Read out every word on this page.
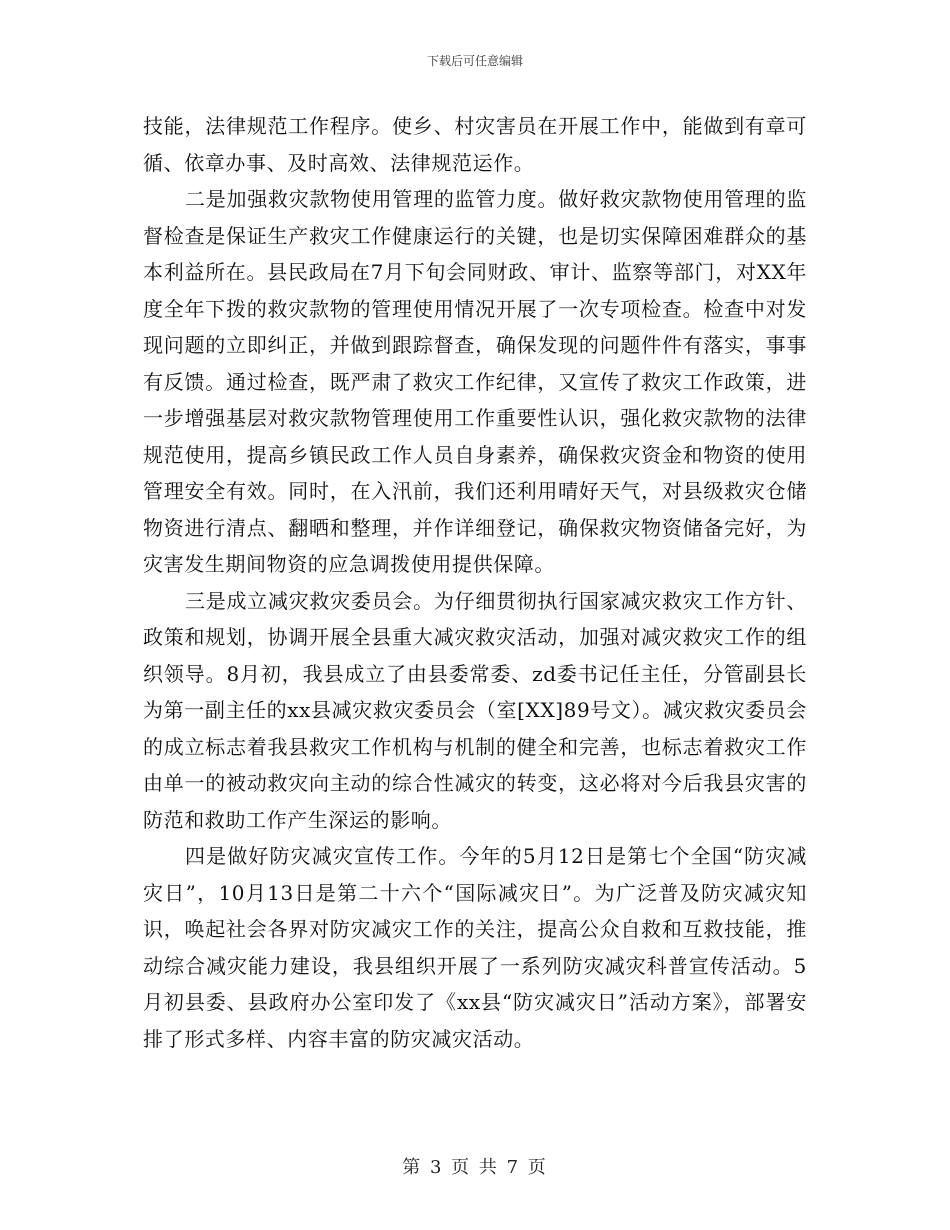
下载后可任意编辑

技能，法律规范工作程序。使乡、村灾害员在开展工作中，能做到有章可循、依章办事、及时高效、法律规范运作。

二是加强救灾款物使用管理的监管力度。做好救灾款物使用管理的监督检查是保证生产救灾工作健康运行的关键，也是切实保障困难群众的基本利益所在。县民政局在7月下旬会同财政、审计、监察等部门，对XX年度全年下拨的救灾款物的管理使用情况开展了一次专项检查。检查中对发现问题的立即纠正，并做到跟踪督查，确保发现的问题件件有落实，事事有反馈。通过检查，既严肃了救灾工作纪律，又宣传了救灾工作政策，进一步增强基层对救灾款物管理使用工作重要性认识，强化救灾款物的法律规范使用，提高乡镇民政工作人员自身素养，确保救灾资金和物资的使用管理安全有效。同时，在入汛前，我们还利用晴好天气，对县级救灾仓储物资进行清点、翻晒和整理，并作详细登记，确保救灾物资储备完好，为灾害发生期间物资的应急调拨使用提供保障。

三是成立减灾救灾委员会。为仔细贯彻执行国家减灾救灾工作方针、政策和规划，协调开展全县重大减灾救灾活动，加强对减灾救灾工作的组织领导。8月初，我县成立了由县委常委、zd委书记任主任，分管副县长为第一副主任的xx县减灾救灾委员会（室[XX]89号文）。减灾救灾委员会的成立标志着我县救灾工作机构与机制的健全和完善，也标志着救灾工作由单一的被动救灾向主动的综合性减灾的转变，这必将对今后我县灾害的防范和救助工作产生深运的影响。

四是做好防灾减灾宣传工作。今年的5月12日是第七个全国“防灾减灾日”，10月13日是第二十六个“国际减灾日”。为广泛普及防灾减灾知识，唤起社会各界对防灾减灾工作的关注，提高公众自救和互救技能，推动综合减灾能力建设，我县组织开展了一系列防灾减灾科普宣传活动。5月初县委、县政府办公室印发了《xx县“防灾减灾日”活动方案》，部署安排了形式多样、内容丰富的防灾减灾活动。

第 3 页 共 7 页
